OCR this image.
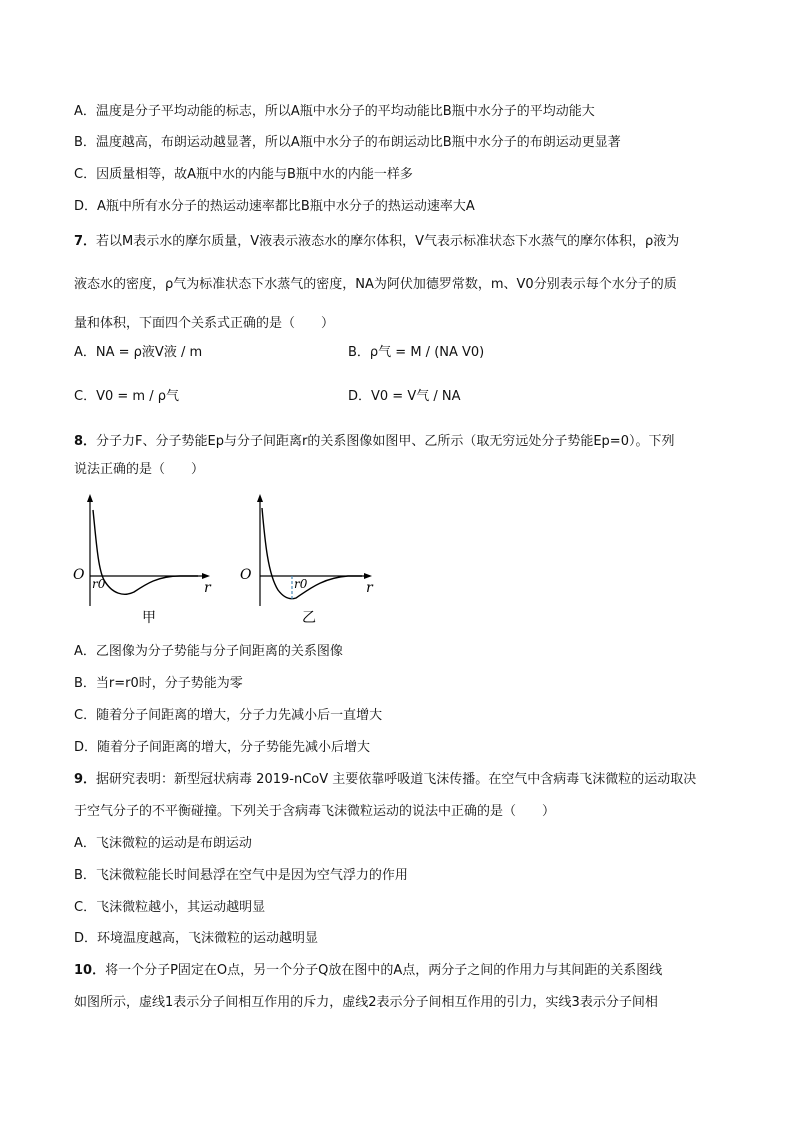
A．温度是分子平均动能的标志，所以A瓶中水分子的平均动能比B瓶中水分子的平均动能大
B．温度越高，布朗运动越显著，所以A瓶中水分子的布朗运动比B瓶中水分子的布朗运动更显著
C．因质量相等，故A瓶中水的内能与B瓶中水的内能一样多
D．A瓶中所有水分子的热运动速率都比B瓶中水分子的热运动速率大A
7．若以M表示水的摩尔质量，V液表示液态水的摩尔体积，V气表示标准状态下水蒸气的摩尔体积，ρ液为
液态水的密度，ρ气为标准状态下水蒸气的密度，NA为阿伏加德罗常数，m、V0分别表示每个水分子的质
量和体积，下面四个关系式正确的是（　　）
A．NA = ρ液V液 / m	B．ρ气 = M / (NA V0)
C．V0 = m / ρ气	D．V0 = V气 / NA
8．分子力F、分子势能Ep与分子间距离r的关系图像如图甲、乙所示（取无穷远处分子势能Ep=0）。下列
说法正确的是（　　）
O
r0	r
甲
O
r0	r
乙
A．乙图像为分子势能与分子间距离的关系图像
B．当r=r0时，分子势能为零
C．随着分子间距离的增大，分子力先减小后一直增大
D．随着分子间距离的增大，分子势能先减小后增大
9．据研究表明：新型冠状病毒 2019-nCoV 主要依靠呼吸道飞沫传播。在空气中含病毒飞沫微粒的运动取决
于空气分子的不平衡碰撞。下列关于含病毒飞沫微粒运动的说法中正确的是（　　）
A．飞沫微粒的运动是布朗运动
B．飞沫微粒能长时间悬浮在空气中是因为空气浮力的作用
C．飞沫微粒越小，其运动越明显
D．环境温度越高，飞沫微粒的运动越明显
10．将一个分子P固定在O点，另一个分子Q放在图中的A点，两分子之间的作用力与其间距的关系图线
如图所示，虚线1表示分子间相互作用的斥力，虚线2表示分子间相互作用的引力，实线3表示分子间相
